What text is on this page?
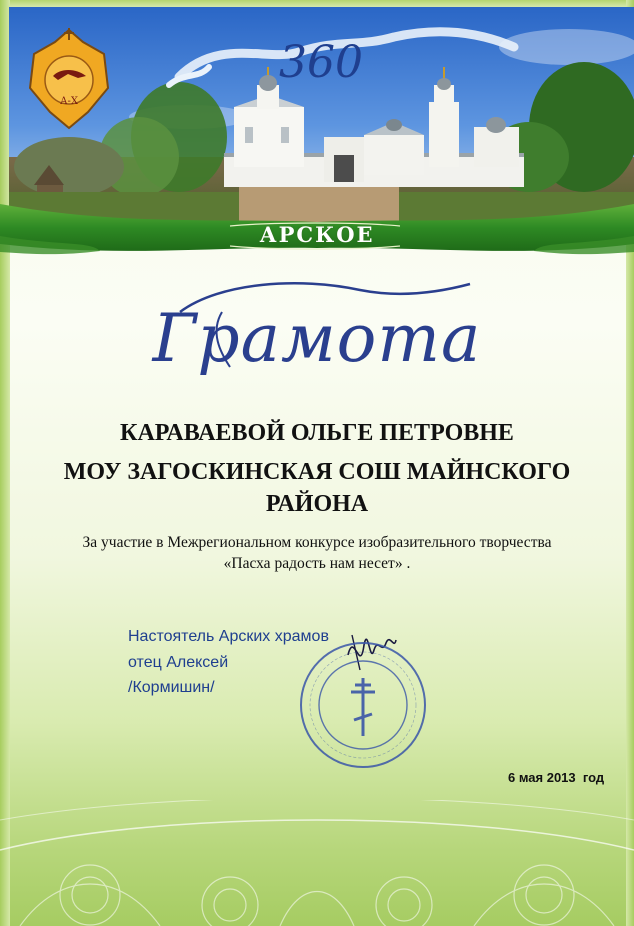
360
А-Х
АРСКОЕ
Грамота
КАРАВАЕВОЙ ОЛЬГЕ ПЕТРОВНЕ
МОУ ЗАГОСКИНСКАЯ СОШ МАЙНСКОГО
РАЙОНА
За участие в Межрегиональном конкурсе изобразительного творчества
«Пасха радость нам несет» .
Настоятель Арских храмов
отец Алексей
/Кормишин/
6 мая 2013  год
